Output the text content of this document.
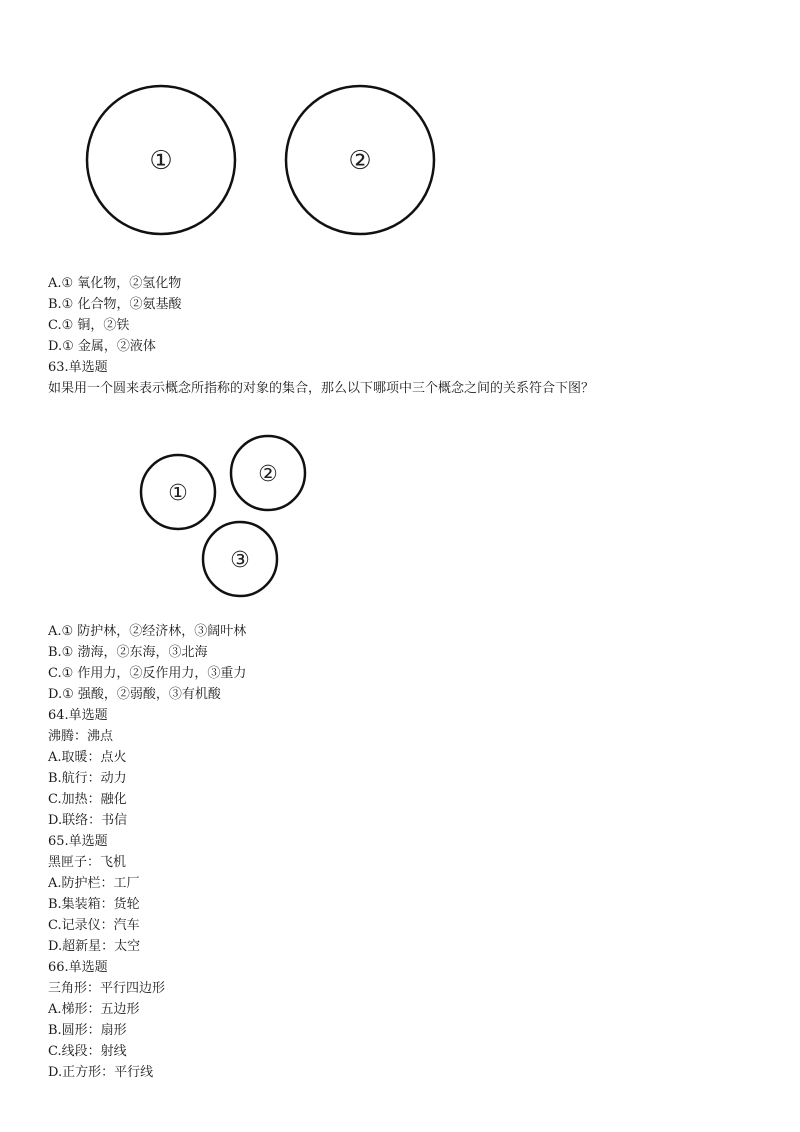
①	②
①
②
③

A.① 氧化物，②氢化物

B.① 化合物，②氨基酸

C.① 铜，②铁

D.① 金属，②液体

63.单选题

如果用一个圆来表示概念所指称的对象的集合，那么以下哪项中三个概念之间的关系符合下图？

A.① 防护林，②经济林，③阔叶林

B.① 渤海，②东海，③北海

C.① 作用力，②反作用力，③重力

D.① 强酸，②弱酸，③有机酸

64.单选题

沸腾：沸点

A.取暖：点火

B.航行：动力

C.加热：融化

D.联络：书信

65.单选题

黑匣子：飞机

A.防护栏：工厂

B.集装箱：货轮

C.记录仪：汽车

D.超新星：太空

66.单选题

三角形：平行四边形

A.梯形：五边形

B.圆形：扇形

C.线段：射线

D.正方形：平行线
